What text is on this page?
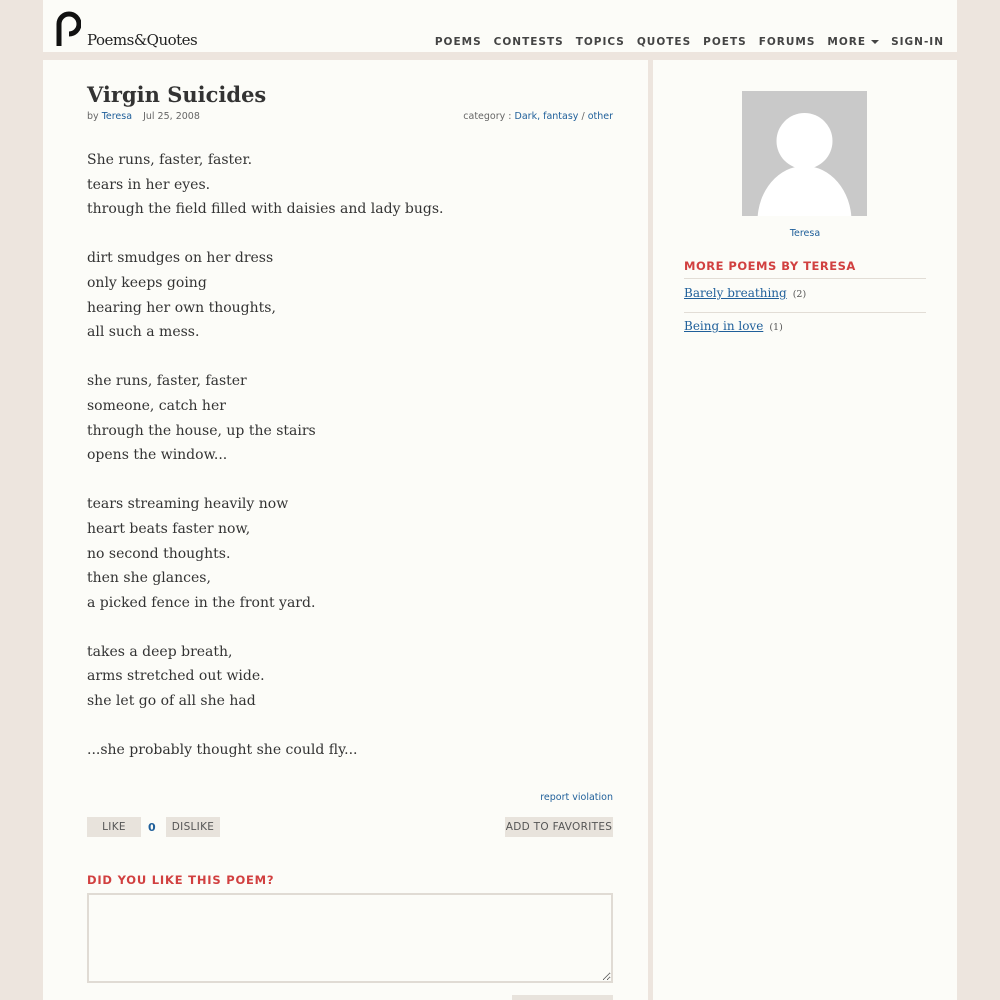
Poems&Quotes	POEMS CONTESTS TOPICS QUOTES POETS FORUMS MORE SIGN-IN
Virgin Suicides
by Teresa Jul 25, 2008	category : Dark, fantasy / other
She runs, faster, faster.
tears in her eyes.
through the field filled with daisies and lady bugs.
dirt smudges on her dress
only keeps going
hearing her own thoughts,
all such a mess.
she runs, faster, faster
someone, catch her
through the house, up the stairs
opens the window...
tears streaming heavily now
heart beats faster now,
no second thoughts.
then she glances,
a picked fence in the front yard.
takes a deep breath,
arms stretched out wide.
she let go of all she had
...she probably thought she could fly...
report violation
LIKE	0	DISLIKE	ADD TO FAVORITES
DID YOU LIKE THIS POEM?
Teresa
MORE POEMS BY TERESA
Barely breathing (2)
Being in love (1)
